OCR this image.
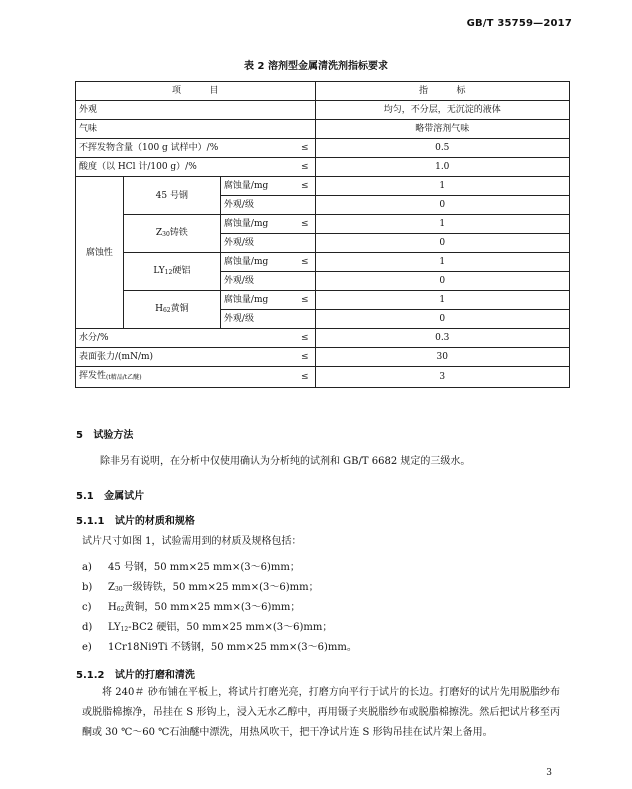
GB/T 35759—2017
表 2 溶剂型金属清洗剂指标要求
项          目				指          标
外观				均匀，不分层，无沉淀的液体
气味				略带溶剂气味
不挥发物含量（100 g 试样中）/%			≤	0.5
酸度（以 HCl 计/100 g）/%			≤	1.0
腐蚀性	45 号钢	腐蚀量/mg	≤	1
		外观/级		0
	Z30铸铁	腐蚀量/mg	≤	1
		外观/级		0
	LY12硬铝	腐蚀量/mg	≤	1
		外观/级		0
	H62黄铜	腐蚀量/mg	≤	1
		外观/级		0
水分/%			≤	0.3
表面张力/(mN/m)			≤	30
挥发性(t精品/t乙醚)			≤	3
5   试验方法
除非另有说明，在分析中仅使用确认为分析纯的试剂和 GB/T 6682 规定的三级水。
5.1   金属试片
5.1.1   试片的材质和规格
试片尺寸如图 1，试验需用到的材质及规格包括：
a) 45 号钢，50 mm×25 mm×(3～6)mm；
b) Z30一级铸铁，50 mm×25 mm×(3～6)mm；
c) H62黄铜，50 mm×25 mm×(3～6)mm；
d) LY12-BC2 硬铝，50 mm×25 mm×(3～6)mm；
e) 1Cr18Ni9Ti 不锈钢，50 mm×25 mm×(3～6)mm。
5.1.2   试片的打磨和清洗
将 240＃ 砂布铺在平板上，将试片打磨光亮，打磨方向平行于试片的长边。打磨好的试片先用脱脂纱布或脱脂棉擦净，吊挂在 S 形钩上，浸入无水乙醇中，再用镊子夹脱脂纱布或脱脂棉擦洗。然后把试片移至丙酮或 30 ℃～60 ℃石油醚中漂洗，用热风吹干，把干净试片连 S 形钩吊挂在试片架上备用。
3
